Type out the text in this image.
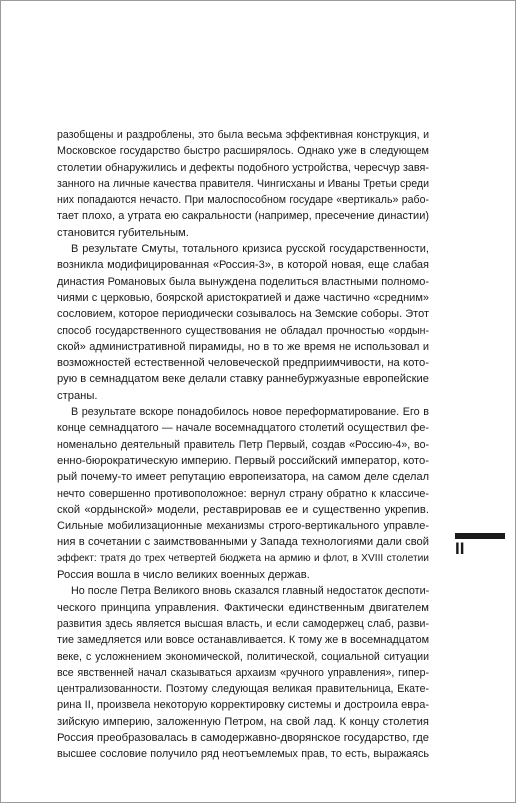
разобщены и раздроблены, это была весьма эффективная конструкция, и
Московское государство быстро расширялось. Однако уже в следующем
столетии обнаружились и дефекты подобного устройства, чересчур завя-
занного на личные качества правителя. Чингисханы и Иваны Третьи среди
них попадаются нечасто. При малоспособном государе «вертикаль» рабо-
тает плохо, а утрата ею сакральности (например, пресечение династии)
становится губительным.
В результате Смуты, тотального кризиса русской государственности,
возникла модифицированная «Россия-3», в которой новая, еще слабая
династия Романовых была вынуждена поделиться властными полномо-
чиями с церковью, боярской аристократией и даже частично «средним»
сословием, которое периодически созывалось на Земские соборы. Этот
способ государственного существования не обладал прочностью «ордын-
ской» административной пирамиды, но в то же время не использовал и
возможностей естественной человеческой предприимчивости, на кото-
рую в семнадцатом веке делали ставку раннебуржуазные европейские
страны.
В результате вскоре понадобилось новое переформатирование. Его в
конце семнадцатого — начале восемнадцатого столетий осуществил фе-
номенально деятельный правитель Петр Первый, создав «Россию-4», во-
енно-бюрократическую империю. Первый российский император, кото-
рый почему-то имеет репутацию европеизатора, на самом деле сделал
нечто совершенно противоположное: вернул страну обратно к классиче-
ской «ордынской» модели, реставрировав ее и существенно укрепив.
Сильные мобилизационные механизмы строго-вертикального управле-
ния в сочетании с заимствованными у Запада технологиями дали свой
эффект: тратя до трех четвертей бюджета на армию и флот, в XVIII столетии
Россия вошла в число великих военных держав.
Но после Петра Великого вновь сказался главный недостаток деспоти-
ческого принципа управления. Фактически единственным двигателем
развития здесь является высшая власть, и если самодержец слаб, разви-
тие замедляется или вовсе останавливается. К тому же в восемнадцатом
веке, с усложнением экономической, политической, социальной ситуации
все явственней начал сказываться архаизм «ручного управления», гипер-
централизованности. Поэтому следующая великая правительница, Екате-
рина II, произвела некоторую корректировку системы и достроила евра-
зийскую империю, заложенную Петром, на свой лад. К концу столетия
Россия преобразовалась в самодержавно-дворянское государство, где
высшее сословие получило ряд неотъемлемых прав, то есть, выражаясь
II
